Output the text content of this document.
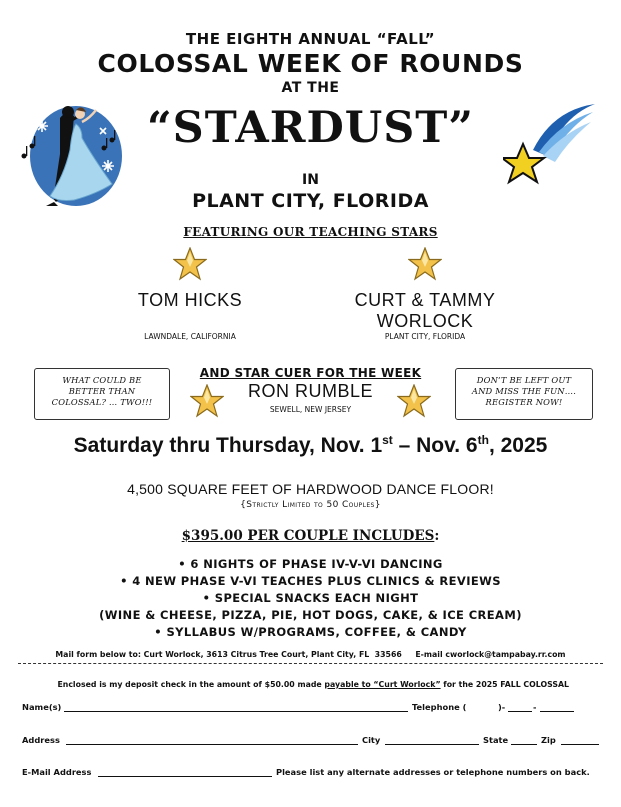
THE EIGHTH ANNUAL “FALL”
COLOSSAL WEEK OF ROUNDS
AT THE
“STARDUST”
IN
PLANT CITY, FLORIDA
FEATURING OUR TEACHING STARS
TOM HICKS
LAWNDALE, CALIFORNIA
CURT & TAMMY
WORLOCK
PLANT CITY, FLORIDA
AND STAR CUER FOR THE WEEK
RON RUMBLE
SEWELL, NEW JERSEY
WHAT COULD BE
BETTER THAN
COLOSSAL? … TWO!!!
DON’T BE LEFT OUT
AND MISS THE FUN….
REGISTER NOW!
Saturday thru Thursday, Nov. 1st – Nov. 6th, 2025
4,500 SQUARE FEET OF HARDWOOD DANCE FLOOR!
{Strictly Limited to 50 Couples}
$395.00 PER COUPLE INCLUDES:
• 6 NIGHTS OF PHASE IV-V-VI DANCING
• 4 NEW PHASE V-VI TEACHES PLUS CLINICS & REVIEWS
• SPECIAL SNACKS EACH NIGHT
(WINE & CHEESE, PIZZA, PIE, HOT DOGS, CAKE, & ICE CREAM)
• SYLLABUS W/PROGRAMS, COFFEE, & CANDY
Mail form below to: Curt Worlock, 3613 Citrus Tree Court, Plant City, FL  33566     E-mail cworlock@tampabay.rr.com

Enclosed is my deposit check in the amount of $50.00 made payable to “Curt Worlock” for the 2025 FALL COLOSSAL

Name(s)	Telephone (	)-	-
Address	City	State	Zip
E-Mail Address	Please list any alternate addresses or telephone numbers on back.
